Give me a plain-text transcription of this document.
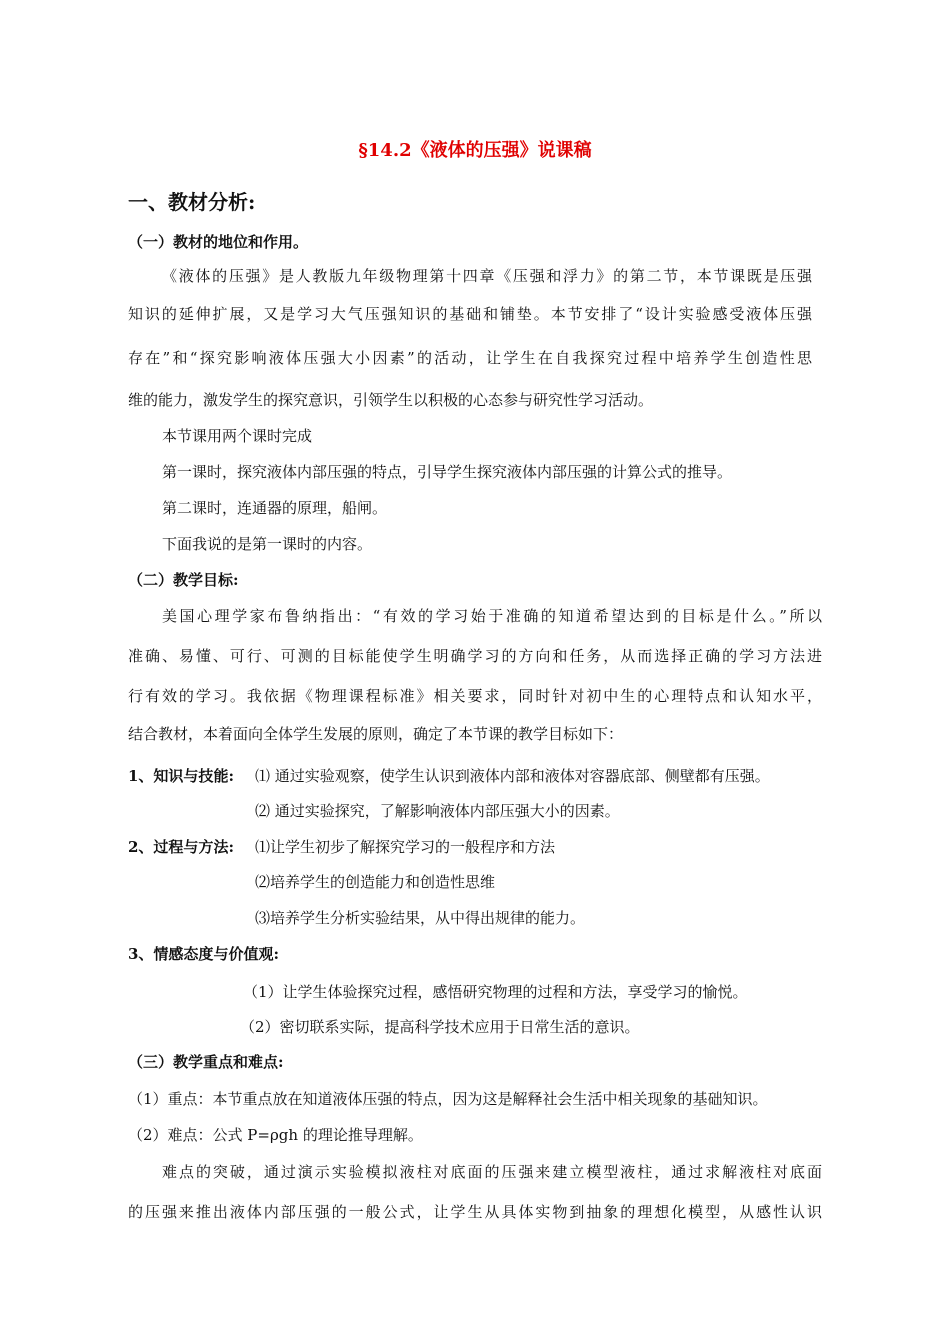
§14.2《液体的压强》说课稿
一、教材分析:
（一）教材的地位和作用。
《液体的压强》是人教版九年级物理第十四章《压强和浮力》的第二节，本节课既是压强
知识的延伸扩展，又是学习大气压强知识的基础和铺垫。本节安排了“设计实验感受液体压强
存在”和“探究影响液体压强大小因素”的活动，让学生在自我探究过程中培养学生创造性思
维的能力，激发学生的探究意识，引领学生以积极的心态参与研究性学习活动。
本节课用两个课时完成
第一课时，探究液体内部压强的特点，引导学生探究液体内部压强的计算公式的推导。
第二课时，连通器的原理，船闸。
下面我说的是第一课时的内容。
（二）教学目标:
美国心理学家布鲁纳指出：“有效的学习始于准确的知道希望达到的目标是什么。”所以
准确、易懂、可行、可测的目标能使学生明确学习的方向和任务，从而选择正确的学习方法进
行有效的学习。我依据《物理课程标准》相关要求，同时针对初中生的心理特点和认知水平，
结合教材，本着面向全体学生发展的原则，确定了本节课的教学目标如下：
1、知识与技能: ⑴ 通过实验观察，使学生认识到液体内部和液体对容器底部、侧壁都有压强。
⑵ 通过实验探究，了解影响液体内部压强大小的因素。
2、过程与方法: ⑴让学生初步了解探究学习的一般程序和方法
⑵培养学生的创造能力和创造性思维
⑶培养学生分析实验结果，从中得出规律的能力。
3、情感态度与价值观:
（1）让学生体验探究过程，感悟研究物理的过程和方法，享受学习的愉悦。
（2）密切联系实际，提高科学技术应用于日常生活的意识。
（三）教学重点和难点:
（1）重点：本节重点放在知道液体压强的特点，因为这是解释社会生活中相关现象的基础知识。
（2）难点：公式 P=ρgh 的理论推导理解。
难点的突破，通过演示实验模拟液柱对底面的压强来建立模型液柱，通过求解液柱对底面
的压强来推出液体内部压强的一般公式，让学生从具体实物到抽象的理想化模型，从感性认识
